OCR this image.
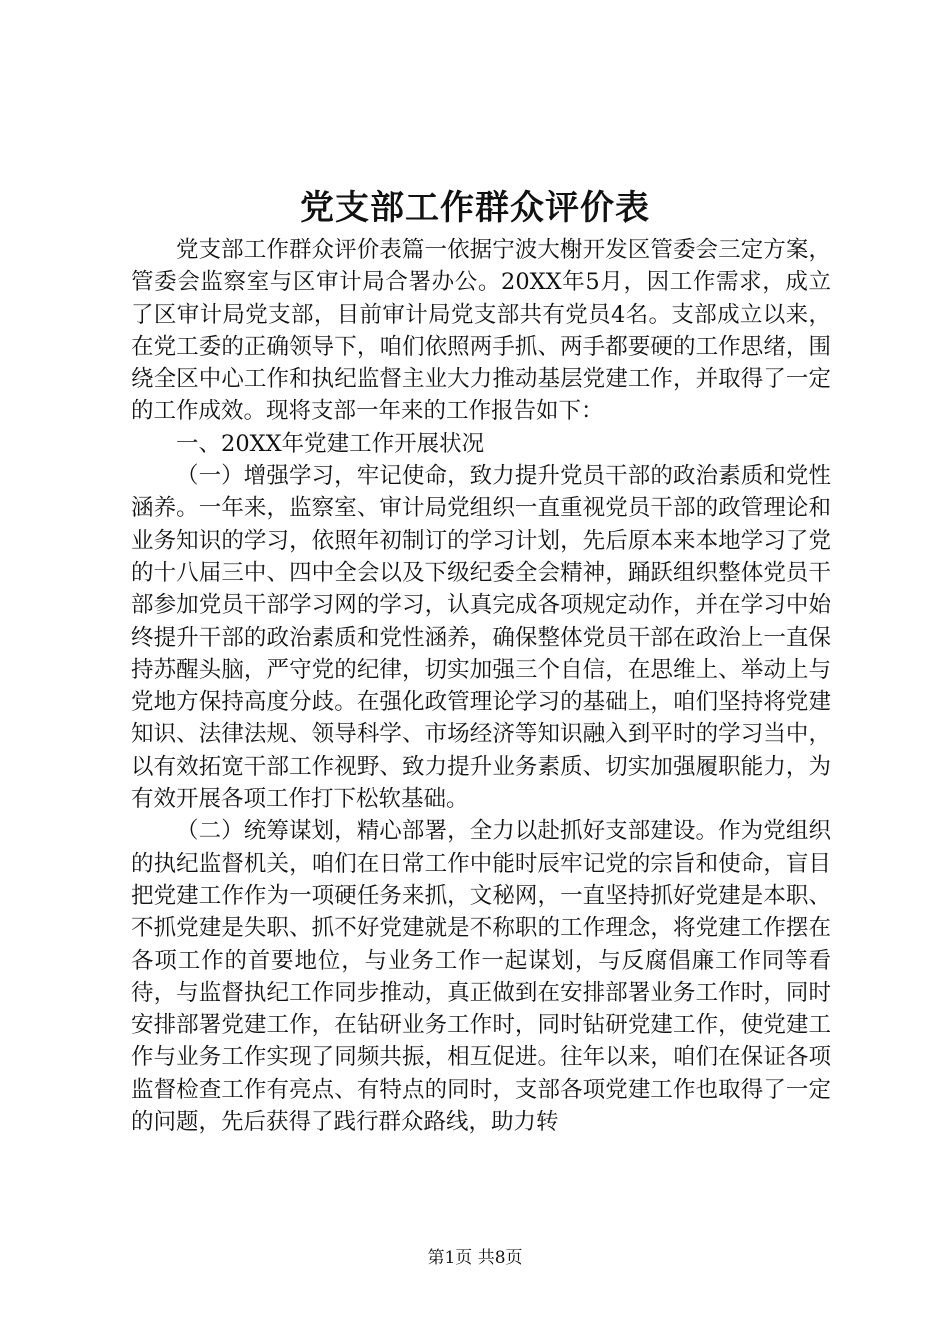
党支部工作群众评价表

党支部工作群众评价表篇一依据宁波大榭开发区管委会三定方案，管委会监察室与区审计局合署办公。20XX年5月，因工作需求，成立了区审计局党支部，目前审计局党支部共有党员4名。支部成立以来，在党工委的正确领导下，咱们依照两手抓、两手都要硬的工作思绪，围绕全区中心工作和执纪监督主业大力推动基层党建工作，并取得了一定的工作成效。现将支部一年来的工作报告如下：

一、20XX年党建工作开展状况

（一）增强学习，牢记使命，致力提升党员干部的政治素质和党性涵养。一年来，监察室、审计局党组织一直重视党员干部的政管理论和业务知识的学习，依照年初制订的学习计划，先后原本来本地学习了党的十八届三中、四中全会以及下级纪委全会精神，踊跃组织整体党员干部参加党员干部学习网的学习，认真完成各项规定动作，并在学习中始终提升干部的政治素质和党性涵养，确保整体党员干部在政治上一直保持苏醒头脑，严守党的纪律，切实加强三个自信，在思维上、举动上与党地方保持高度分歧。在强化政管理论学习的基础上，咱们坚持将党建知识、法律法规、领导科学、市场经济等知识融入到平时的学习当中，以有效拓宽干部工作视野、致力提升业务素质、切实加强履职能力，为有效开展各项工作打下松软基础。

（二）统筹谋划，精心部署，全力以赴抓好支部建设。作为党组织的执纪监督机关，咱们在日常工作中能时辰牢记党的宗旨和使命，盲目把党建工作作为一项硬任务来抓，文秘网，一直坚持抓好党建是本职、不抓党建是失职、抓不好党建就是不称职的工作理念，将党建工作摆在各项工作的首要地位，与业务工作一起谋划，与反腐倡廉工作同等看待，与监督执纪工作同步推动，真正做到在安排部署业务工作时，同时安排部署党建工作，在钻研业务工作时，同时钻研党建工作，使党建工作与业务工作实现了同频共振，相互促进。往年以来，咱们在保证各项监督检查工作有亮点、有特点的同时，支部各项党建工作也取得了一定的问题，先后获得了践行群众路线，助力转

第1页 共8页
